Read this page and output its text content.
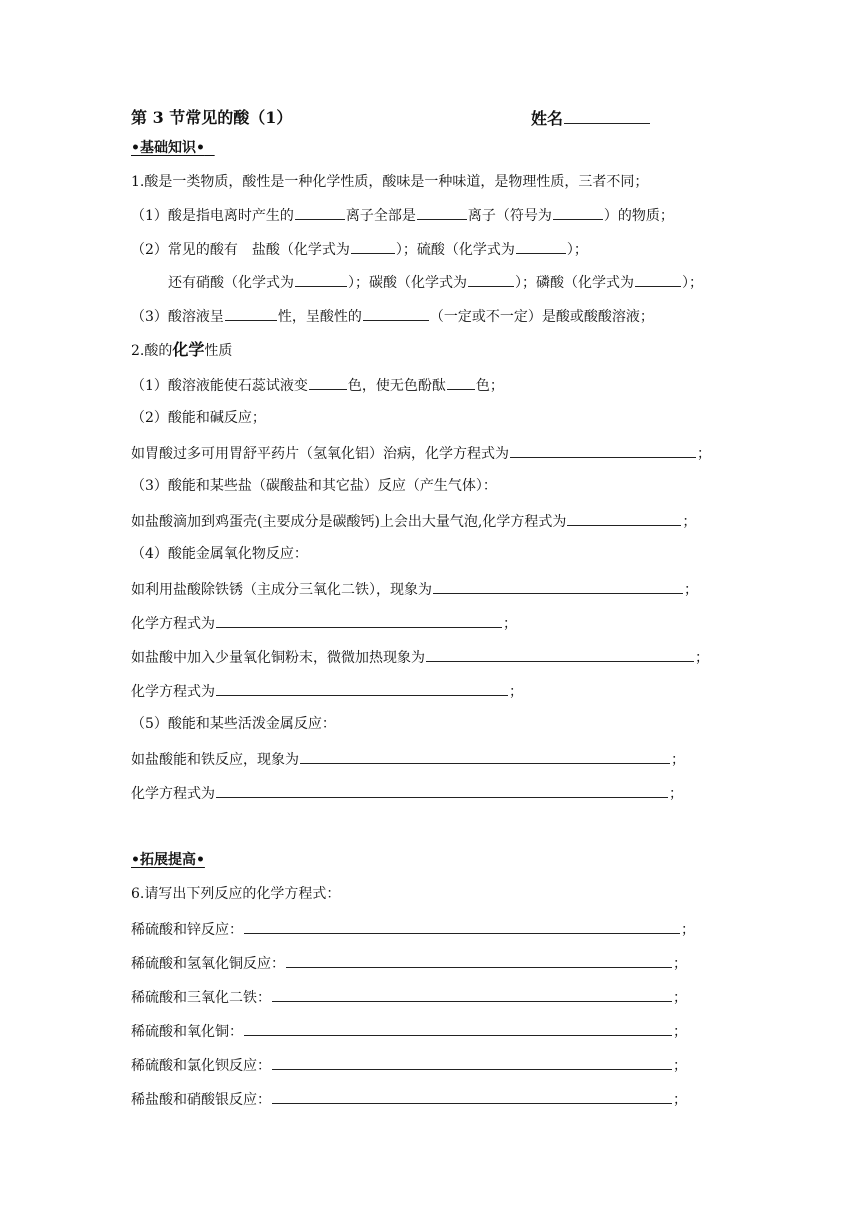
第 3 节常见的酸（1）	姓名
•基础知识•
1.酸是一类物质，酸性是一种化学性质，酸味是一种味道，是物理性质，三者不同；
（1）酸是指电离时产生的	离子全部是	离子（符号为	）的物质；
（2）常见的酸有　盐酸（化学式为	）；硫酸（化学式为	）；
还有硝酸（化学式为	）；碳酸（化学式为	）；磷酸（化学式为	）；
（3）酸溶液呈	性，呈酸性的	（一定或不一定）是酸或酸酸溶液；
2.酸的化学性质
（1）酸溶液能使石蕊试液变	色，使无色酚酞 色；
（2）酸能和碱反应；
如胃酸过多可用胃舒平药片（氢氧化铝）治病，化学方程式为	；
（3）酸能和某些盐（碳酸盐和其它盐）反应（产生气体）：
如盐酸滴加到鸡蛋壳(主要成分是碳酸钙)上会出大量气泡,化学方程式为	；
（4）酸能金属氧化物反应：
如利用盐酸除铁锈（主成分三氧化二铁），现象为	；
化学方程式为	；
如盐酸中加入少量氧化铜粉末，微微加热现象为	；
化学方程式为	；
（5）酸能和某些活泼金属反应：
如盐酸能和铁反应，现象为	；
化学方程式为	；
•拓展提高•
6.请写出下列反应的化学方程式：
稀硫酸和锌反应：	；
稀硫酸和氢氧化铜反应：	；
稀硫酸和三氧化二铁：	；
稀硫酸和氧化铜：	；
稀硫酸和氯化钡反应：	；
稀盐酸和硝酸银反应：	；
